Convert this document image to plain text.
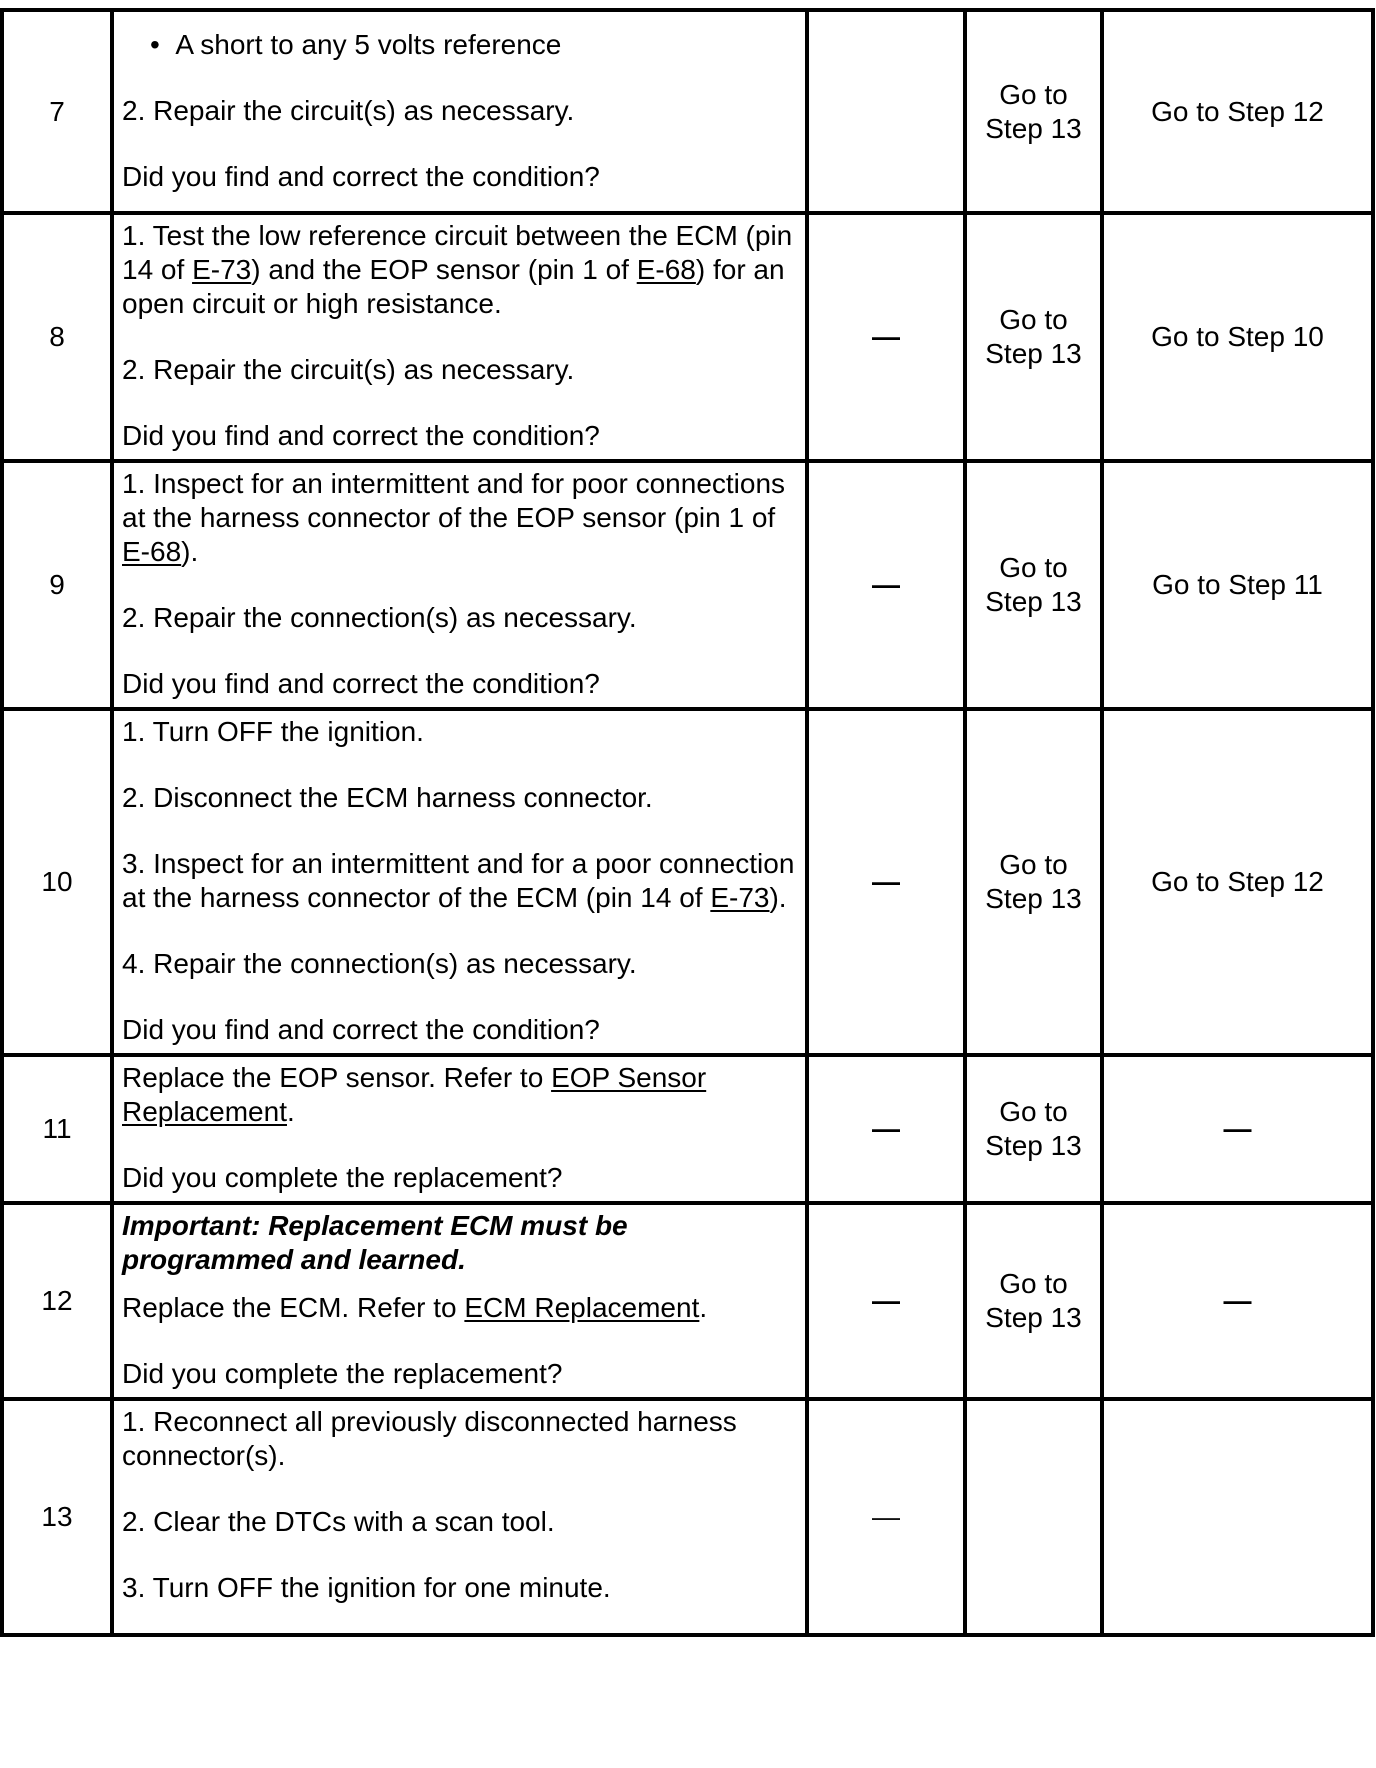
7	•  A short to any 5 volts reference
2. Repair the circuit(s) as necessary.
Did you find and correct the condition?		Go to Step 13	Go to Step 12
8	1. Test the low reference circuit between the ECM (pin 14 of E-73) and the EOP sensor (pin 1 of E-68) for an open circuit or high resistance.
2. Repair the circuit(s) as necessary.
Did you find and correct the condition?	—	Go to Step 13	Go to Step 10
9	1. Inspect for an intermittent and for poor connections at the harness connector of the EOP sensor (pin 1 of E-68).
2. Repair the connection(s) as necessary.
Did you find and correct the condition?	—	Go to Step 13	Go to Step 11
10	1. Turn OFF the ignition.
2. Disconnect the ECM harness connector.
3. Inspect for an intermittent and for a poor connection at the harness connector of the ECM (pin 14 of E-73).
4. Repair the connection(s) as necessary.
Did you find and correct the condition?	—	Go to Step 13	Go to Step 12
11	Replace the EOP sensor. Refer to EOP Sensor Replacement.
Did you complete the replacement?	—	Go to Step 13	—
12	Important: Replacement ECM must be programmed and learned.
Replace the ECM. Refer to ECM Replacement.
Did you complete the replacement?	—	Go to Step 13	—
13	1. Reconnect all previously disconnected harness connector(s).
2. Clear the DTCs with a scan tool.
3. Turn OFF the ignition for one minute.	—		
